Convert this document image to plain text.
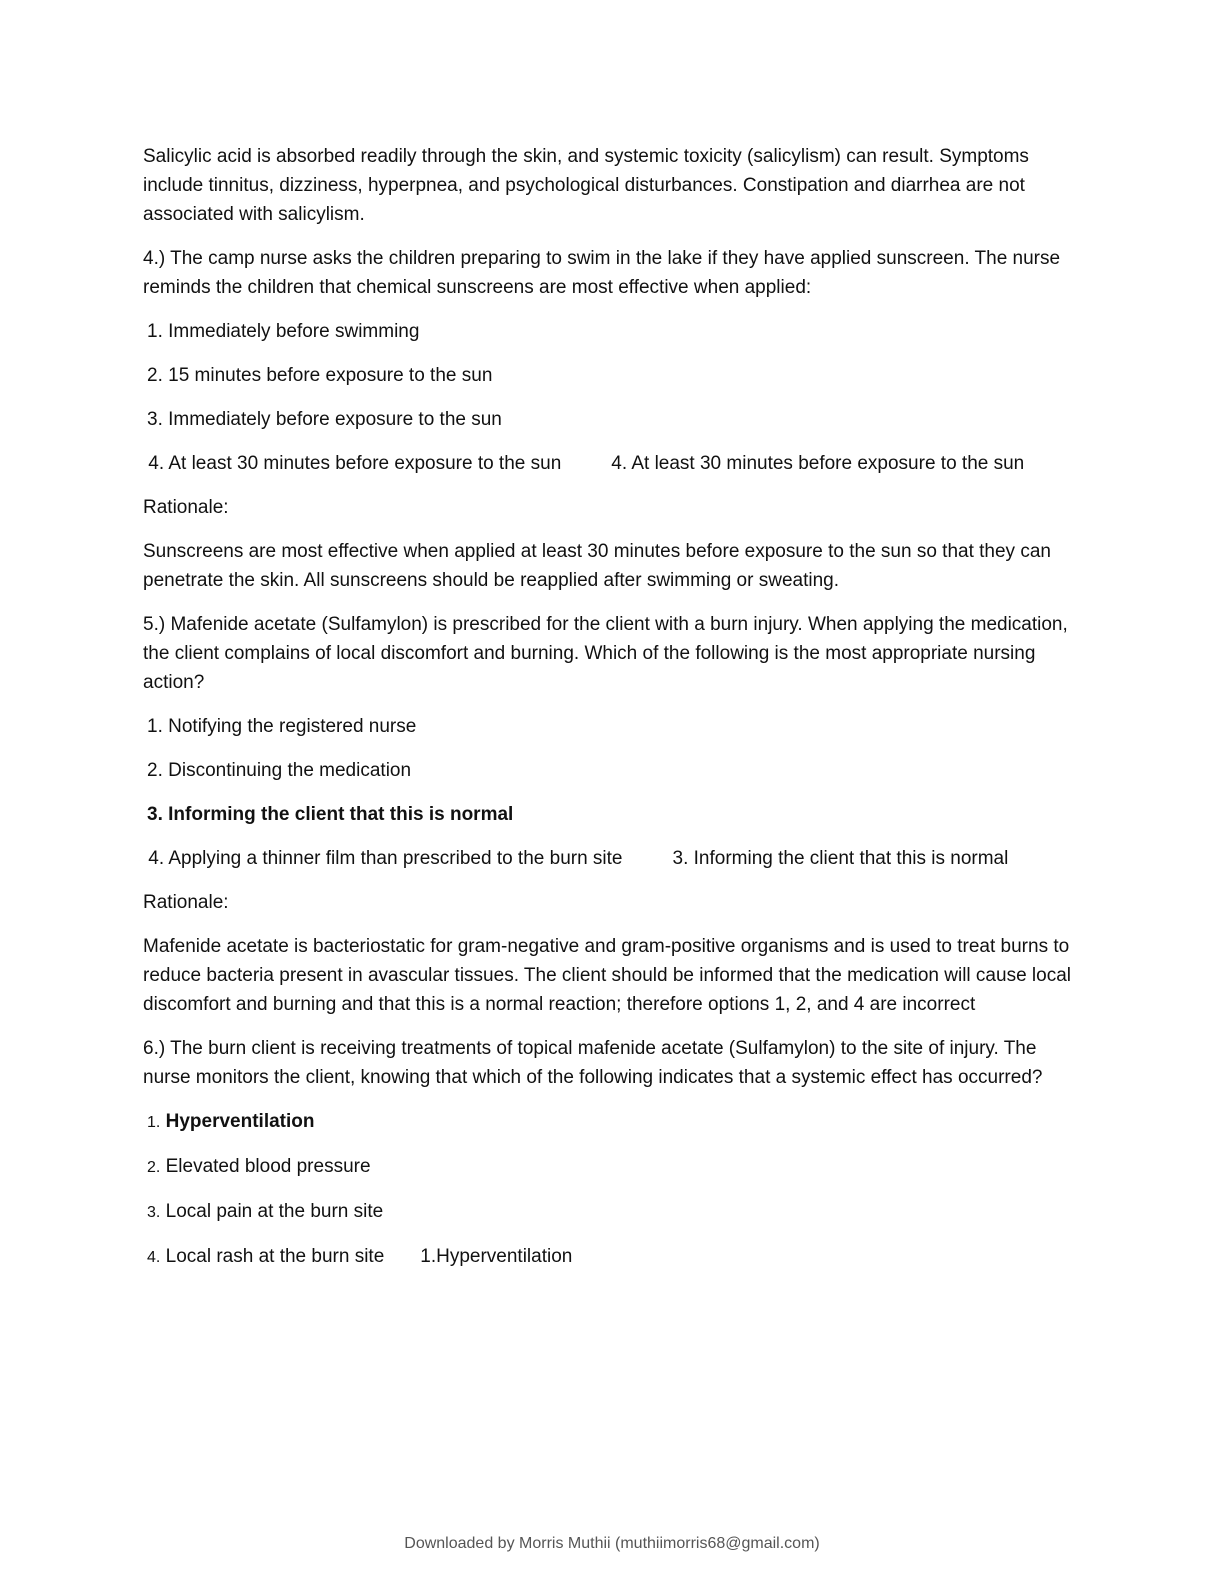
Salicylic acid is absorbed readily through the skin, and systemic toxicity (salicylism) can result. Symptoms include tinnitus, dizziness, hyperpnea, and psychological disturbances. Constipation and diarrhea are not associated with salicylism.

4.) The camp nurse asks the children preparing to swim in the lake if they have applied sunscreen. The nurse reminds the children that chemical sunscreens are most effective when applied:

1. Immediately before swimming

2. 15 minutes before exposure to the sun

3. Immediately before exposure to the sun

4. At least 30 minutes before exposure to the sun	4. At least 30 minutes before exposure to the sun

Rationale:

Sunscreens are most effective when applied at least 30 minutes before exposure to the sun so that they can penetrate the skin. All sunscreens should be reapplied after swimming or sweating.

5.) Mafenide acetate (Sulfamylon) is prescribed for the client with a burn injury. When applying the medication, the client complains of local discomfort and burning. Which of the following is the most appropriate nursing action?

1. Notifying the registered nurse

2. Discontinuing the medication

3. Informing the client that this is normal

4. Applying a thinner film than prescribed to the burn site	3. Informing the client that this is normal

Rationale:

Mafenide acetate is bacteriostatic for gram-negative and gram-positive organisms and is used to treat burns to reduce bacteria present in avascular tissues. The client should be informed that the medication will cause local discomfort and burning and that this is a normal reaction; therefore options 1, 2, and 4 are incorrect

6.) The burn client is receiving treatments of topical mafenide acetate (Sulfamylon) to the site of injury. The nurse monitors the client, knowing that which of the following indicates that a systemic effect has occurred?

1. Hyperventilation

2. Elevated blood pressure

3. Local pain at the burn site

4. Local rash at the burn site 1.Hyperventilation

Downloaded by Morris Muthii (muthiimorris68@gmail.com)
